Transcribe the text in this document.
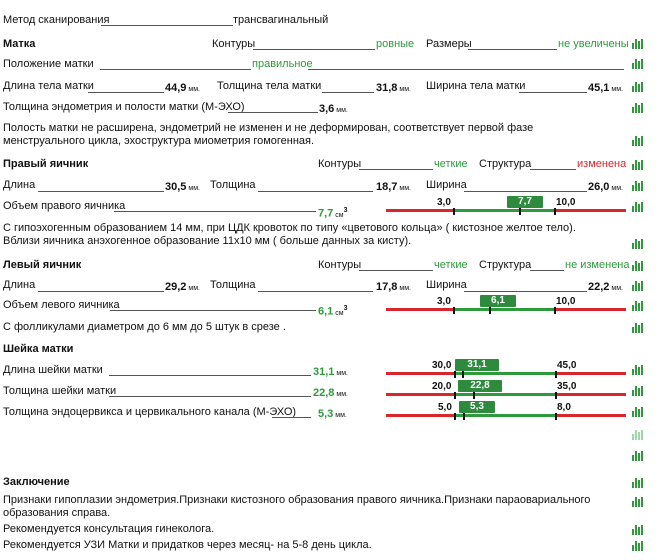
Метод сканирования	трансвагинальный
Матка	Контуры	ровные Размеры	не увеличены
Положение матки	правильное
Длина тела матки	44,9 мм. Толщина тела матки	31,8 мм. Ширина тела матки	45,1 мм.
Толщина эндометрия и полости матки (М-ЭХО)	3,6 мм.
Полость матки не расширена, эндометрий не изменен и не деформирован, соответствует первой фазе менструального цикла, эхоструктура миометрия гомогенная.
Правый яичник	Контуры	четкие Структура	изменена
Длина	30,5 мм. Толщина	18,7 мм. Ширина	26,0 мм.
Объем правого яичника
7,7 $см^3$
3,0	10,0
7,7
С гипоэхогенным образованием 14 мм, при ЦДК кровоток по типу «цветового кольца» ( кистозное желтое тело).
Вблизи яичника анэхогенное образование 11х10 мм ( больше данных за кисту).
Левый яичник	Контуры	четкие Структура	не изменена
Длина	29,2 мм. Толщина	17,8 мм. Ширина	22,2 мм.
Объем левого яичника
6,1 $см^3$
3,0	10,0
6,1
С фолликулами диаметром до 6 мм до 5 штук в срезе .
Шейка матки
Длина шейки матки	31,1 мм.
30,0	45,0
31,1
Толщина шейки матки	22,8 мм.
20,0	35,0
22,8
Толщина эндоцервикса и цервикального канала (М-ЭХО) 5,3 мм.
5,0	8,0
5,3
Заключение
Признаки гипоплазии эндометрия.Признаки кистозного образования правого яичника.Признаки параовариального образования справа.
Рекомендуется консультация гинеколога.
Рекомендуется УЗИ Матки и придатков через месяц- на 5-8 день цикла.
